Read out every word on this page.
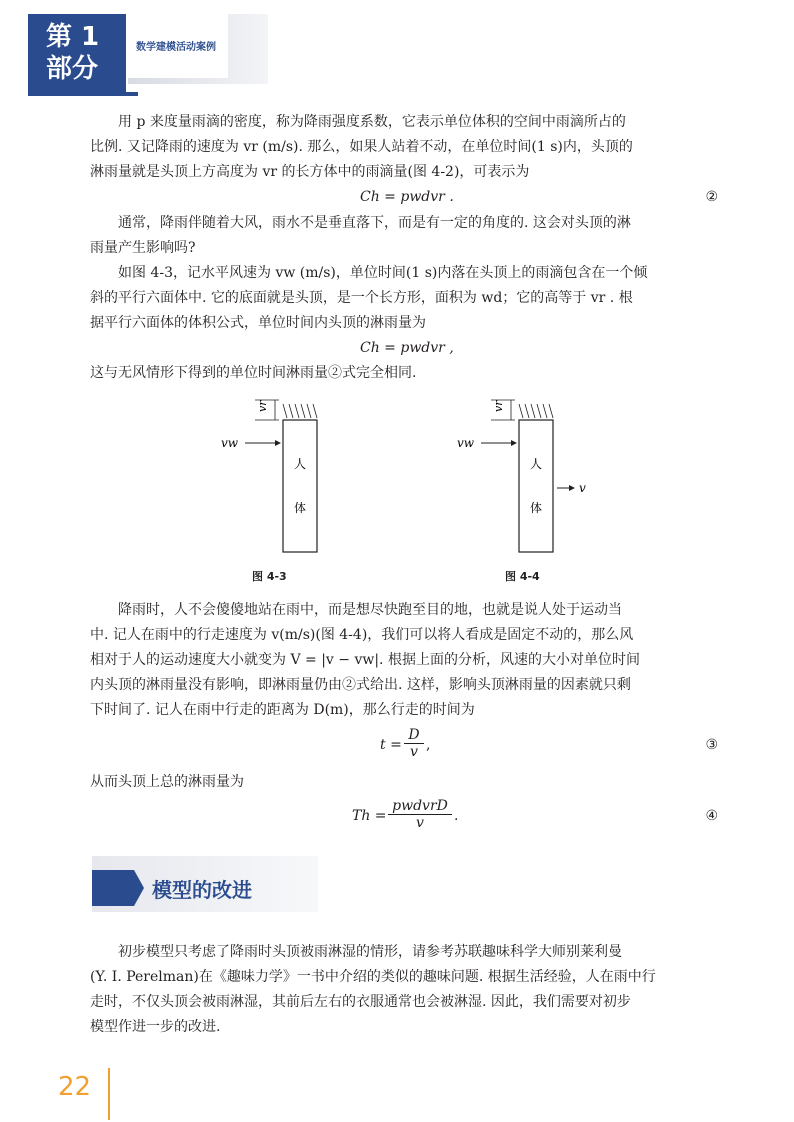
第 1
部分
数学建模活动案例
用 p 来度量雨滴的密度，称为降雨强度系数，它表示单位体积的空间中雨滴所占的
比例. 又记降雨的速度为 vr (m/s). 那么，如果人站着不动，在单位时间(1 s)内，头顶的
淋雨量就是头顶上方高度为 vr 的长方体中的雨滴量(图 4-2)，可表示为
Ch = pwdvr .	②
通常，降雨伴随着大风，雨水不是垂直落下，而是有一定的角度的. 这会对头顶的淋
雨量产生影响吗?
如图 4-3，记水平风速为 vw (m/s)，单位时间(1 s)内落在头顶上的雨滴包含在一个倾
斜的平行六面体中. 它的底面就是头顶，是一个长方形，面积为 wd；它的高等于 vr . 根
据平行六面体的体积公式，单位时间内头顶的淋雨量为
Ch = pwdvr ,
这与无风情形下得到的单位时间淋雨量②式完全相同.
vr
vw
人
体
图 4-3
vr
vw
人
体
v
图 4-4
降雨时，人不会傻傻地站在雨中，而是想尽快跑至目的地，也就是说人处于运动当
中. 记人在雨中的行走速度为 v(m/s)(图 4-4)，我们可以将人看成是固定不动的，那么风
相对于人的运动速度大小就变为 V = |v − vw|. 根据上面的分析，风速的大小对单位时间
内头顶的淋雨量没有影响，即淋雨量仍由②式给出. 这样，影响头顶淋雨量的因素就只剩
下时间了. 记人在雨中行走的距离为 D(m)，那么行走的时间为
$t = \frac{D}{v}$ ,	③
从而头顶上总的淋雨量为
Th =
pwdvrD
v	.	④
模型的改进
初步模型只考虑了降雨时头顶被雨淋湿的情形，请参考苏联趣味科学大师别莱利曼
(Y. I. Perelman)在《趣味力学》一书中介绍的类似的趣味问题. 根据生活经验，人在雨中行
走时，不仅头顶会被雨淋湿，其前后左右的衣服通常也会被淋湿. 因此，我们需要对初步
模型作进一步的改进.
22
